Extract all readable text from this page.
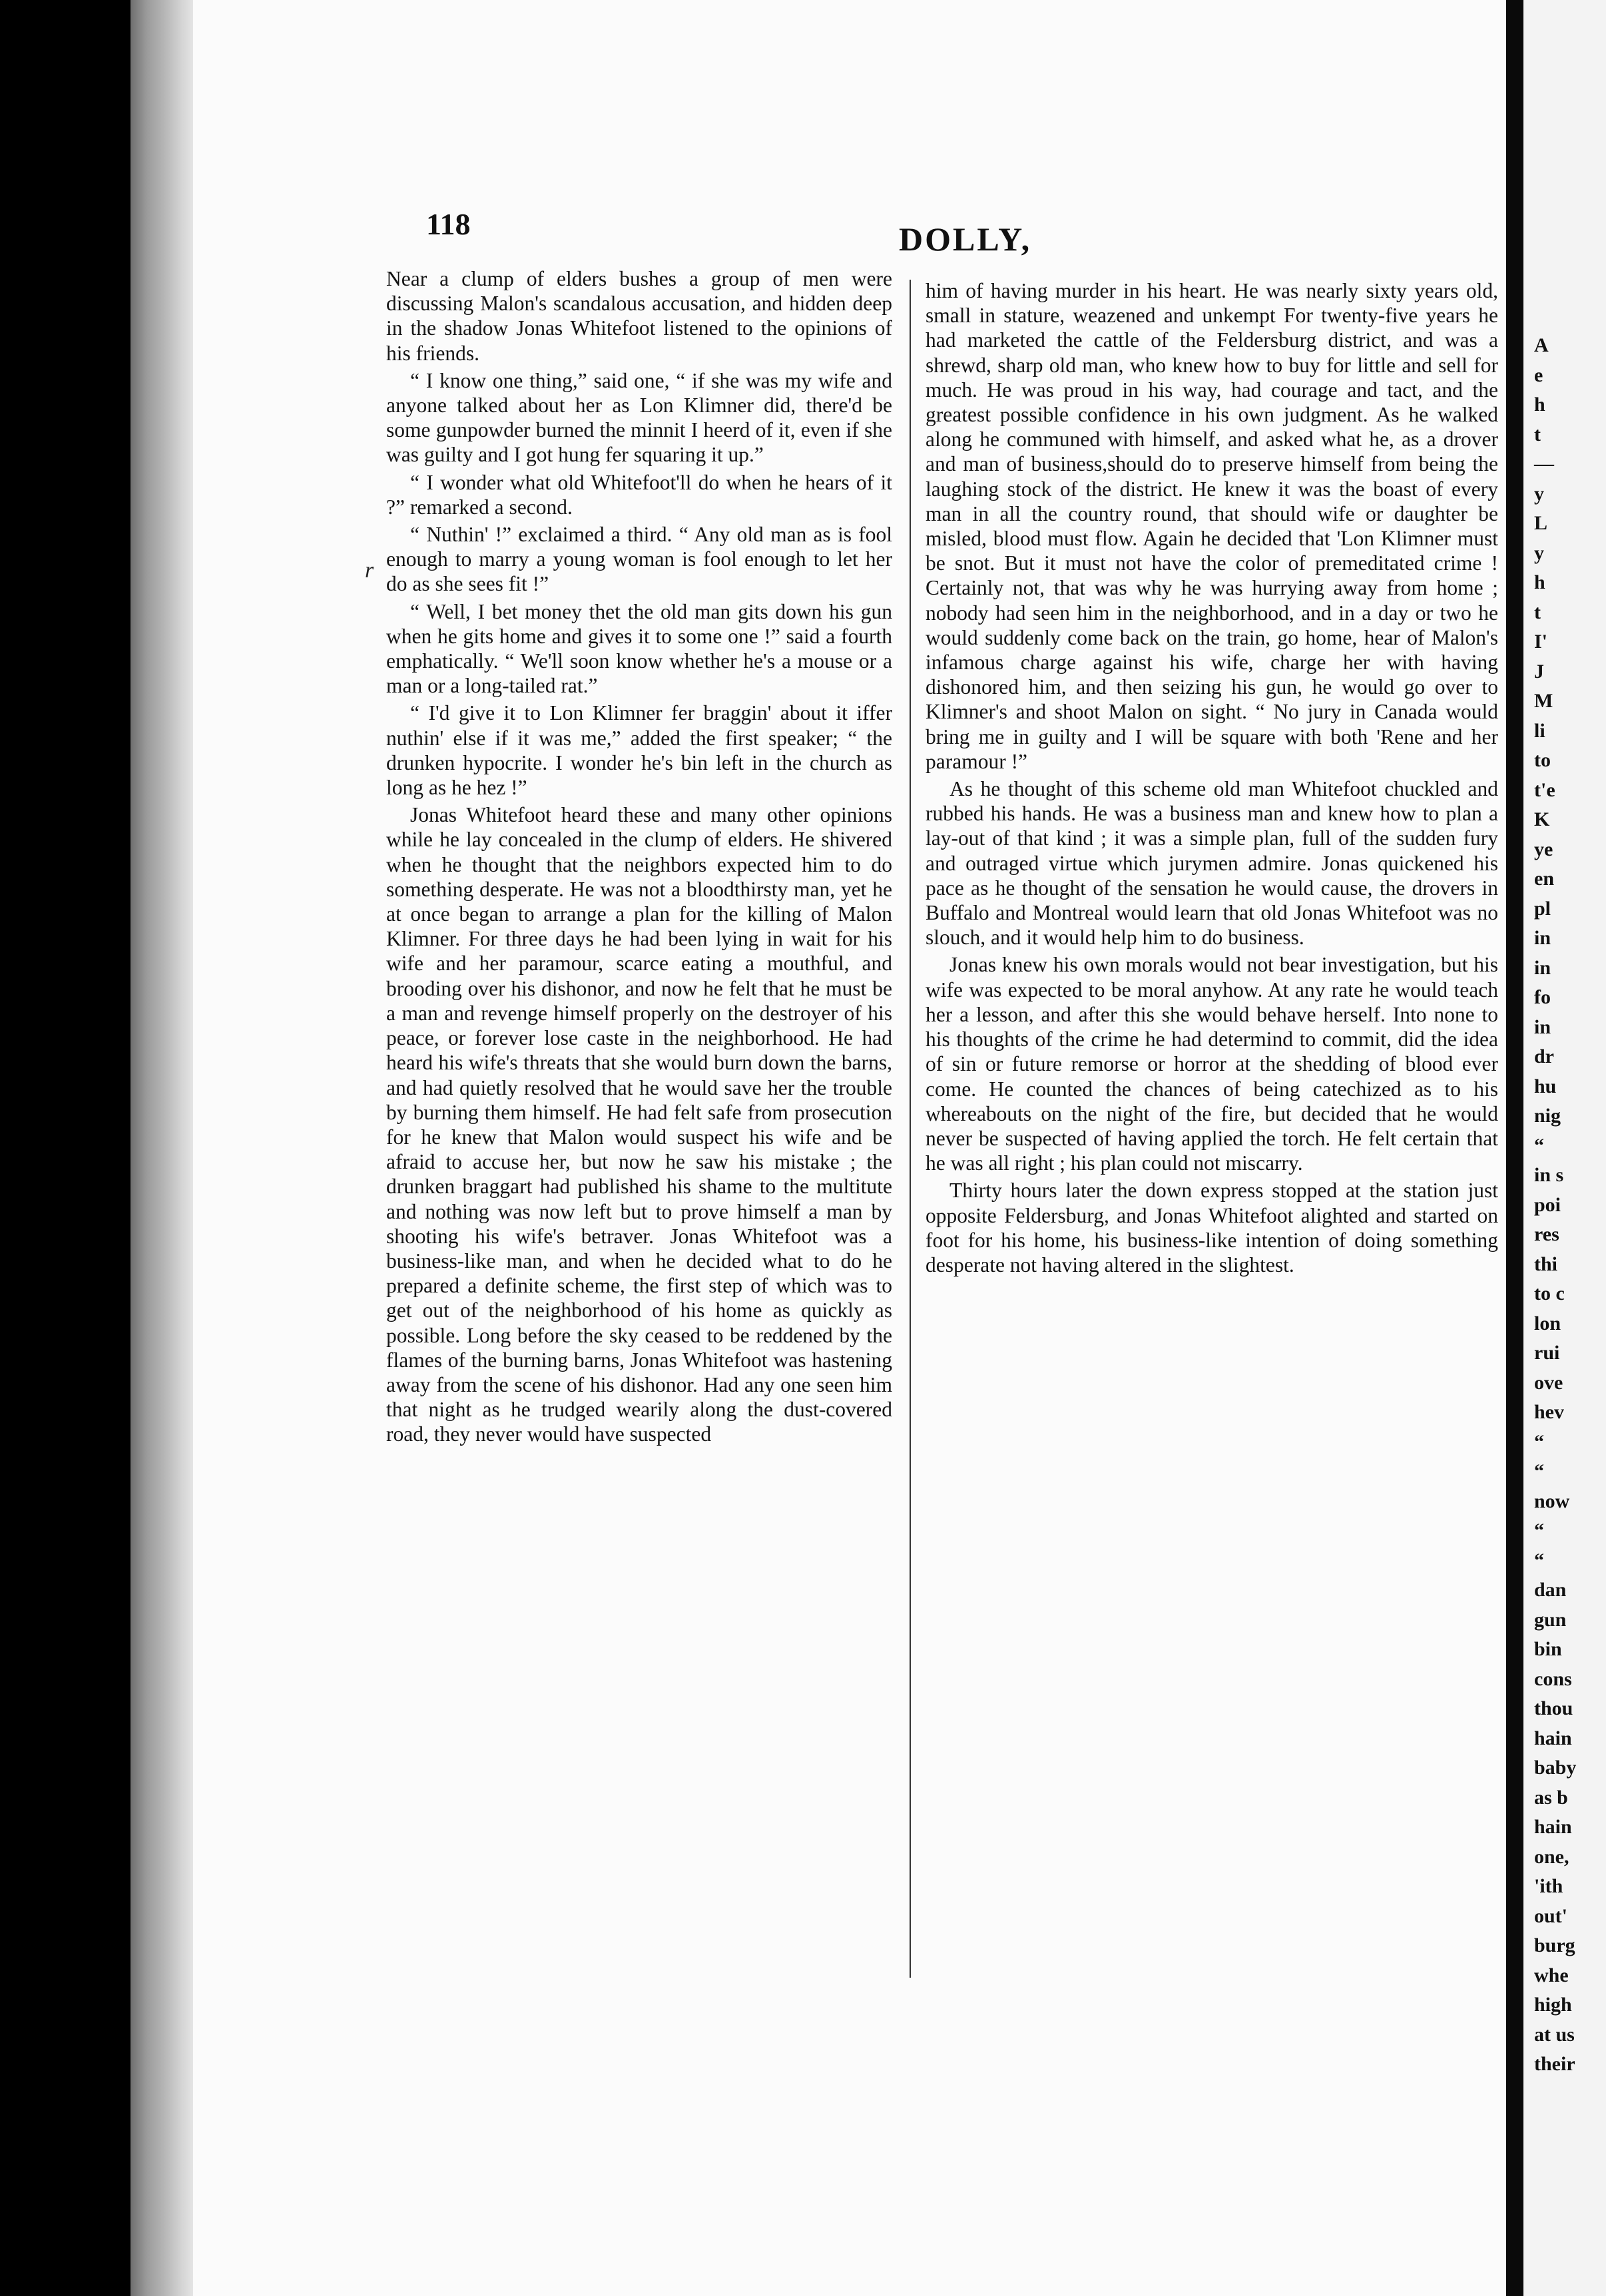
118	DOLLY,
r

Near a clump of elders bushes a group of men were discussing Malon's scandalous accusation, and hidden deep in the shadow Jonas Whitefoot listened to the opinions of his friends.

“ I know one thing,” said one, “ if she was my wife and anyone talked about her as Lon Klimner did, there'd be some gunpowder burned the minnit I heerd of it, even if she was guilty and I got hung fer squaring it up.”

“ I wonder what old Whitefoot'll do when he hears of it ?” remarked a second.

“ Nuthin' !” exclaimed a third. “ Any old man as is fool enough to marry a young woman is fool enough to let her do as she sees fit !”

“ Well, I bet money thet the old man gits down his gun when he gits home and gives it to some one !” said a fourth emphatically. “ We'll soon know whether he's a mouse or a man or a long-tailed rat.”

“ I'd give it to Lon Klimner fer braggin' about it iffer nuthin' else if it was me,” added the first speaker; “ the drunken hypocrite. I wonder he's bin left in the church as long as he hez !”

Jonas Whitefoot heard these and many other opinions while he lay concealed in the clump of elders. He shivered when he thought that the neighbors expected him to do something desperate. He was not a bloodthirsty man, yet he at once began to arrange a plan for the killing of Malon Klimner. For three days he had been lying in wait for his wife and her paramour, scarce eating a mouthful, and brooding over his dishonor, and now he felt that he must be a man and revenge himself properly on the destroyer of his peace, or forever lose caste in the neighborhood. He had heard his wife's threats that she would burn down the barns, and had quietly resolved that he would save her the trouble by burning them himself. He had felt safe from prosecution for he knew that Malon would suspect his wife and be afraid to accuse her, but now he saw his mistake ; the drunken braggart had published his shame to the multitute and nothing was now left but to prove himself a man by shooting his wife's betraver. Jonas Whitefoot was a business-like man, and when he decided what to do he prepared a definite scheme, the first step of which was to get out of the neighborhood of his home as quickly as possible. Long before the sky ceased to be reddened by the flames of the burning barns, Jonas Whitefoot was hastening away from the scene of his dishonor. Had any one seen him that night as he trudged wearily along the dust-covered road, they never would have suspected

him of having murder in his heart. He was nearly sixty years old, small in stature, weazened and unkempt For twenty-five years he had marketed the cattle of the Feldersburg district, and was a shrewd, sharp old man, who knew how to buy for little and sell for much. He was proud in his way, had courage and tact, and the greatest possible confidence in his own judgment. As he walked along he communed with himself, and asked what he, as a drover and man of business,should do to preserve himself from being the laughing stock of the district. He knew it was the boast of every man in all the country round, that should wife or daughter be misled, blood must flow. Again he decided that 'Lon Klimner must be snot. But it must not have the color of premeditated crime ! Certainly not, that was why he was hurrying away from home ; nobody had seen him in the neighborhood, and in a day or two he would suddenly come back on the train, go home, hear of Malon's infamous charge against his wife, charge her with having dishonored him, and then seizing his gun, he would go over to Klimner's and shoot Malon on sight. “ No jury in Canada would bring me in guilty and I will be square with both 'Rene and her paramour !”

As he thought of this scheme old man Whitefoot chuckled and rubbed his hands. He was a business man and knew how to plan a lay-out of that kind ; it was a simple plan, full of the sudden fury and outraged virtue which jurymen admire. Jonas quickened his pace as he thought of the sensation he would cause, the drovers in Buffalo and Montreal would learn that old Jonas Whitefoot was no slouch, and it would help him to do business.

Jonas knew his own morals would not bear investigation, but his wife was expected to be moral anyhow. At any rate he would teach her a lesson, and after this she would behave herself. Into none to his thoughts of the crime he had determind to commit, did the idea of sin or future remorse or horror at the shedding of blood ever come. He counted the chances of being catechized as to his whereabouts on the night of the fire, but decided that he would never be suspected of having applied the torch. He felt certain that he was all right ; his plan could not miscarry.

Thirty hours later the down express stopped at the station just opposite Feldersburg, and Jonas Whitefoot alighted and started on foot for his home, his business-like intention of doing something desperate not having altered in the slightest.

A
e
h
t
—
y
L
y
h
t
I'
J
M
li
to
t'e
K
ye
en
pl
in
in
fo
in
dr
hu
nig
“
in s
poi
res
thi
to c
lon
rui
ove
hev
“
“
now
“
“
dan
gun
bin
cons
thou
hain
baby
as b
hain
one,
'ith
out'
burg
whe
high
at us
their
